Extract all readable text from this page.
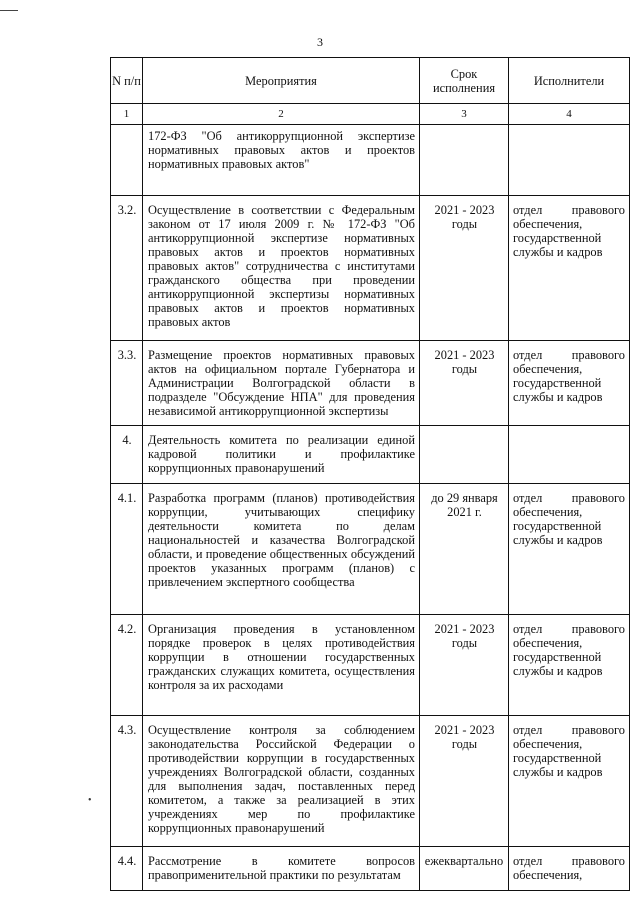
3
•
N п/п	Мероприятия	Срок исполнения	Исполнители
1	2	3	4
	172-ФЗ "Об антикоррупционной экспертизе нормативных правовых актов и проектов нормативных правовых актов"		
3.2.	Осуществление в соответствии с Федеральным законом от 17 июля 2009 г. № 172-ФЗ "Об антикоррупционной экспертизе нормативных правовых актов и проектов нормативных правовых актов" сотрудничества с институтами гражданского общества при проведении антикоррупционной экспертизы нормативных правовых актов и проектов нормативных правовых актов	2021 - 2023 годы	отдел правового обеспечения, государственной службы и кадров
3.3.	Размещение проектов нормативных правовых актов на официальном портале Губернатора и Администрации Волгоградской области в подразделе "Обсуждение НПА" для проведения независимой антикоррупционной экспертизы	2021 - 2023 годы	отдел правового обеспечения, государственной службы и кадров
4.	Деятельность комитета по реализации единой кадровой политики и профилактике коррупционных правонарушений		
4.1.	Разработка программ (планов) противодействия коррупции, учитывающих специфику деятельности комитета по делам национальностей и казачества Волгоградской области, и проведение общественных обсуждений проектов указанных программ (планов) с привлечением экспертного сообщества	до 29 января 2021 г.	отдел правового обеспечения, государственной службы и кадров
4.2.	Организация проведения в установленном порядке проверок в целях противодействия коррупции в отношении государственных гражданских служащих комитета, осуществления контроля за их расходами	2021 - 2023 годы	отдел правового обеспечения, государственной службы и кадров
4.3.	Осуществление контроля за соблюдением законодательства Российской Федерации о противодействии коррупции в государственных учреждениях Волгоградской области, созданных для выполнения задач, поставленных перед комитетом, а также за реализацией в этих учреждениях мер по профилактике коррупционных правонарушений	2021 - 2023 годы	отдел правового обеспечения, государственной службы и кадров
4.4.	Рассмотрение в комитете вопросов правоприменительной практики по результатам	ежеквартально	отдел правового обеспечения,
